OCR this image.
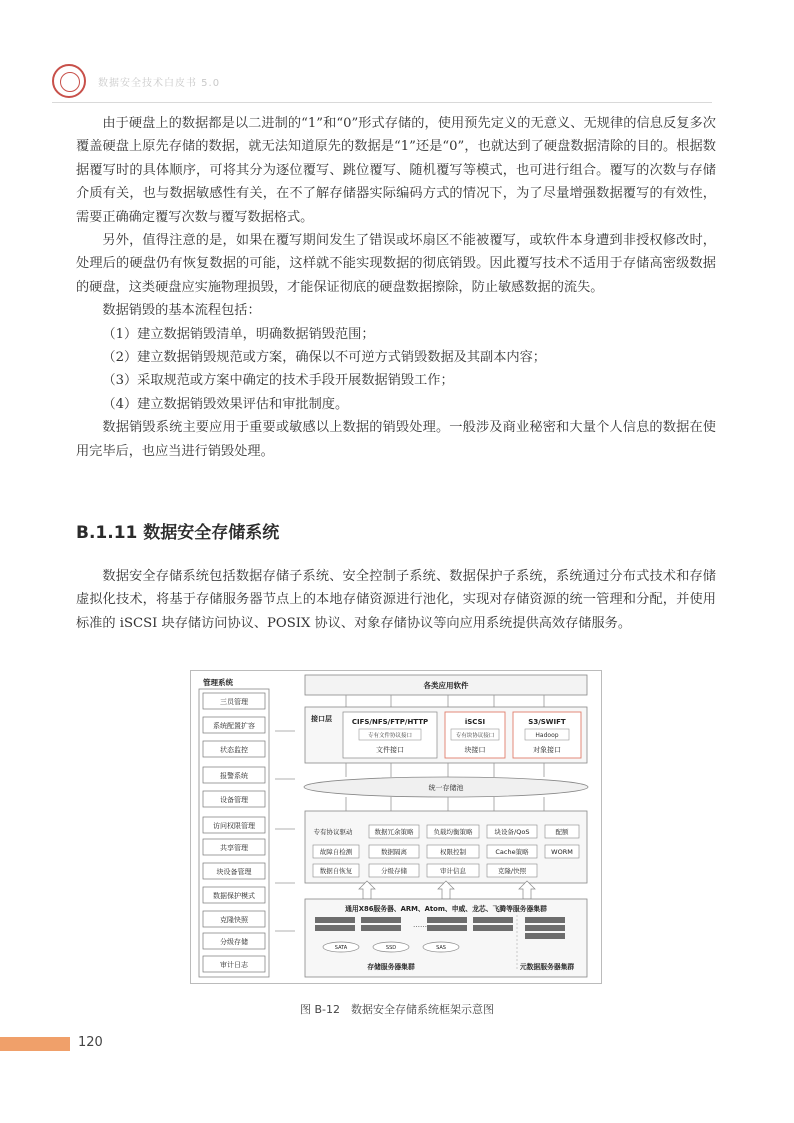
数据安全技术白皮书 5.0

由于硬盘上的数据都是以二进制的“1”和“0”形式存储的，使用预先定义的无意义、无规律的信息反复多次覆盖硬盘上原先存储的数据，就无法知道原先的数据是“1”还是“0”，也就达到了硬盘数据清除的目的。根据数据覆写时的具体顺序，可将其分为逐位覆写、跳位覆写、随机覆写等模式，也可进行组合。覆写的次数与存储介质有关，也与数据敏感性有关，在不了解存储器实际编码方式的情况下，为了尽量增强数据覆写的有效性，需要正确确定覆写次数与覆写数据格式。

另外，值得注意的是，如果在覆写期间发生了错误或坏扇区不能被覆写，或软件本身遭到非授权修改时，处理后的硬盘仍有恢复数据的可能，这样就不能实现数据的彻底销毁。因此覆写技术不适用于存储高密级数据的硬盘，这类硬盘应实施物理损毁，才能保证彻底的硬盘数据擦除，防止敏感数据的流失。

数据销毁的基本流程包括：

（1）建立数据销毁清单，明确数据销毁范围；

（2）建立数据销毁规范或方案，确保以不可逆方式销毁数据及其副本内容；

（3）采取规范或方案中确定的技术手段开展数据销毁工作；

（4）建立数据销毁效果评估和审批制度。

数据销毁系统主要应用于重要或敏感以上数据的销毁处理。一般涉及商业秘密和大量个人信息的数据在使用完毕后，也应当进行销毁处理。

B.1.11 数据安全存储系统

数据安全存储系统包括数据存储子系统、安全控制子系统、数据保护子系统，系统通过分布式技术和存储虚拟化技术，将基于存储服务器节点上的本地存储资源进行池化，实现对存储资源的统一管理和分配，并使用标准的 iSCSI 块存储访问协议、POSIX 协议、对象存储协议等向应用系统提供高效存储服务。

管理系统
三员管理
系统配置扩容
状态监控
报警系统
设备管理
访问权限管理
共享管理
块设备管理
数据保护模式
克隆快照
分级存储
审计日志
各类应用软件
接口层	CIFS/NFS/FTP/HTTP
专有文件协议接口
文件接口
iSCSI
专有块协议接口
块接口
S3/SWIFT
Hadoop
对象接口
统一存储池
专有协议驱动	数据冗余策略	负载均衡策略	块设备/QoS	配额
故障自检测	数据隔离	权限控制	Cache策略	WORM
数据自恢复	分级存储	审计信息	克隆/快照
通用X86服务器、ARM、Atom、申威、龙芯、飞腾等服务器集群
……
SATA	SSD	SAS
存储服务器集群	元数据服务器集群
图 B-12　数据安全存储系统框架示意图
120
